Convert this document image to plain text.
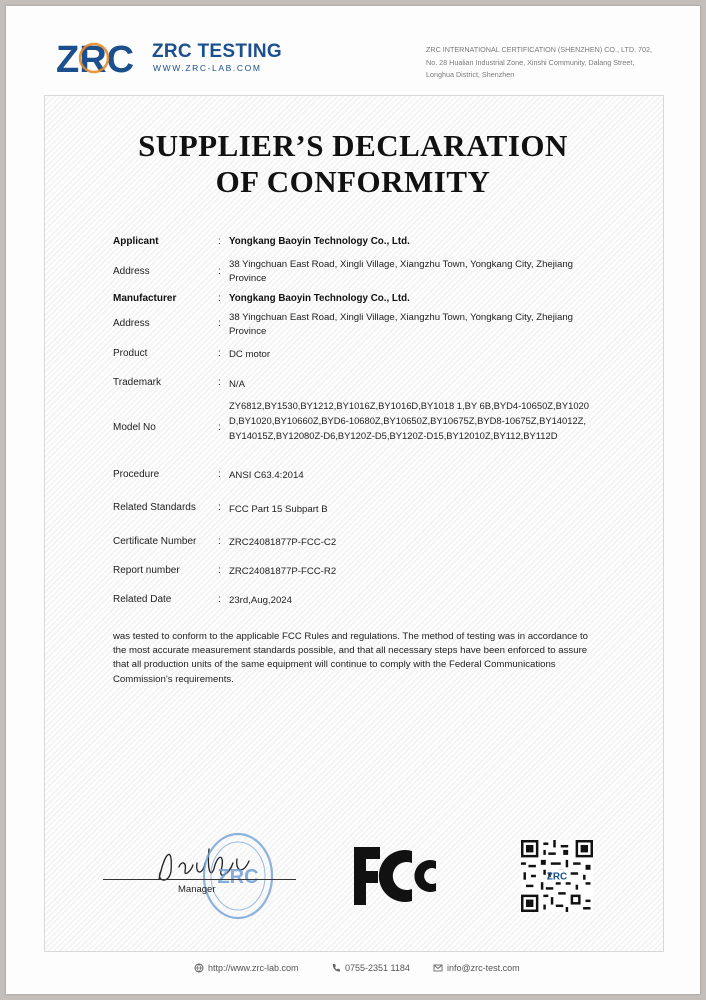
ZRC ZRC TESTING
WWW.ZRC-LAB.COM
ZRC INTERNATIONAL CERTIFICATION (SHENZHEN) CO., LTD. 702, No. 28 Hualian Industrial Zone, Xinshi Community, Dalang Street, Longhua District, Shenzhen
SUPPLIER’S DECLARATION
OF CONFORMITY
Applicant	: Yongkang Baoyin Technology Co., Ltd.
Address	:
38 Yingchuan East Road, Xingli Village, Xiangzhu Town, Yongkang City, Zhejiang Province
Manufacturer	: Yongkang Baoyin Technology Co., Ltd.
Address	:
38 Yingchuan East Road, Xingli Village, Xiangzhu Town, Yongkang City, Zhejiang Province
Product	: DC motor
Trademark	: N/A
Model No	:
ZY6812,BY1530,BY1212,BY1016Z,BY1016D,BY1018 1,BY 6B,BYD4-10650Z,BY1020D,BY1020,BY10660Z,BYD6-10680Z,BY10650Z,BY10675Z,BYD8-10675Z,BY14012Z,BY14015Z,BY12080Z-D6,BY120Z-D5,BY120Z-D15,BY12010Z,BY112,BY112D
Procedure	: ANSI C63.4:2014
Related Standards : FCC Part 15 Subpart B
Certificate Number : ZRC24081877P-FCC-C2
Report number	: ZRC24081877P-FCC-R2
Related Date	: 23rd,Aug,2024
was tested to conform to the applicable FCC Rules and regulations. The method of testing was in accordance to the most accurate measurement standards possible, and that all necessary steps have been enforced to assure that all production units of the same equipment will continue to comply with the Federal Communications Commission’s requirements.
Jack Wu
ZRC
Manager
FC
ZRC
http://www.zrc-lab.com	0755-2351 1184	info@zrc-test.com
